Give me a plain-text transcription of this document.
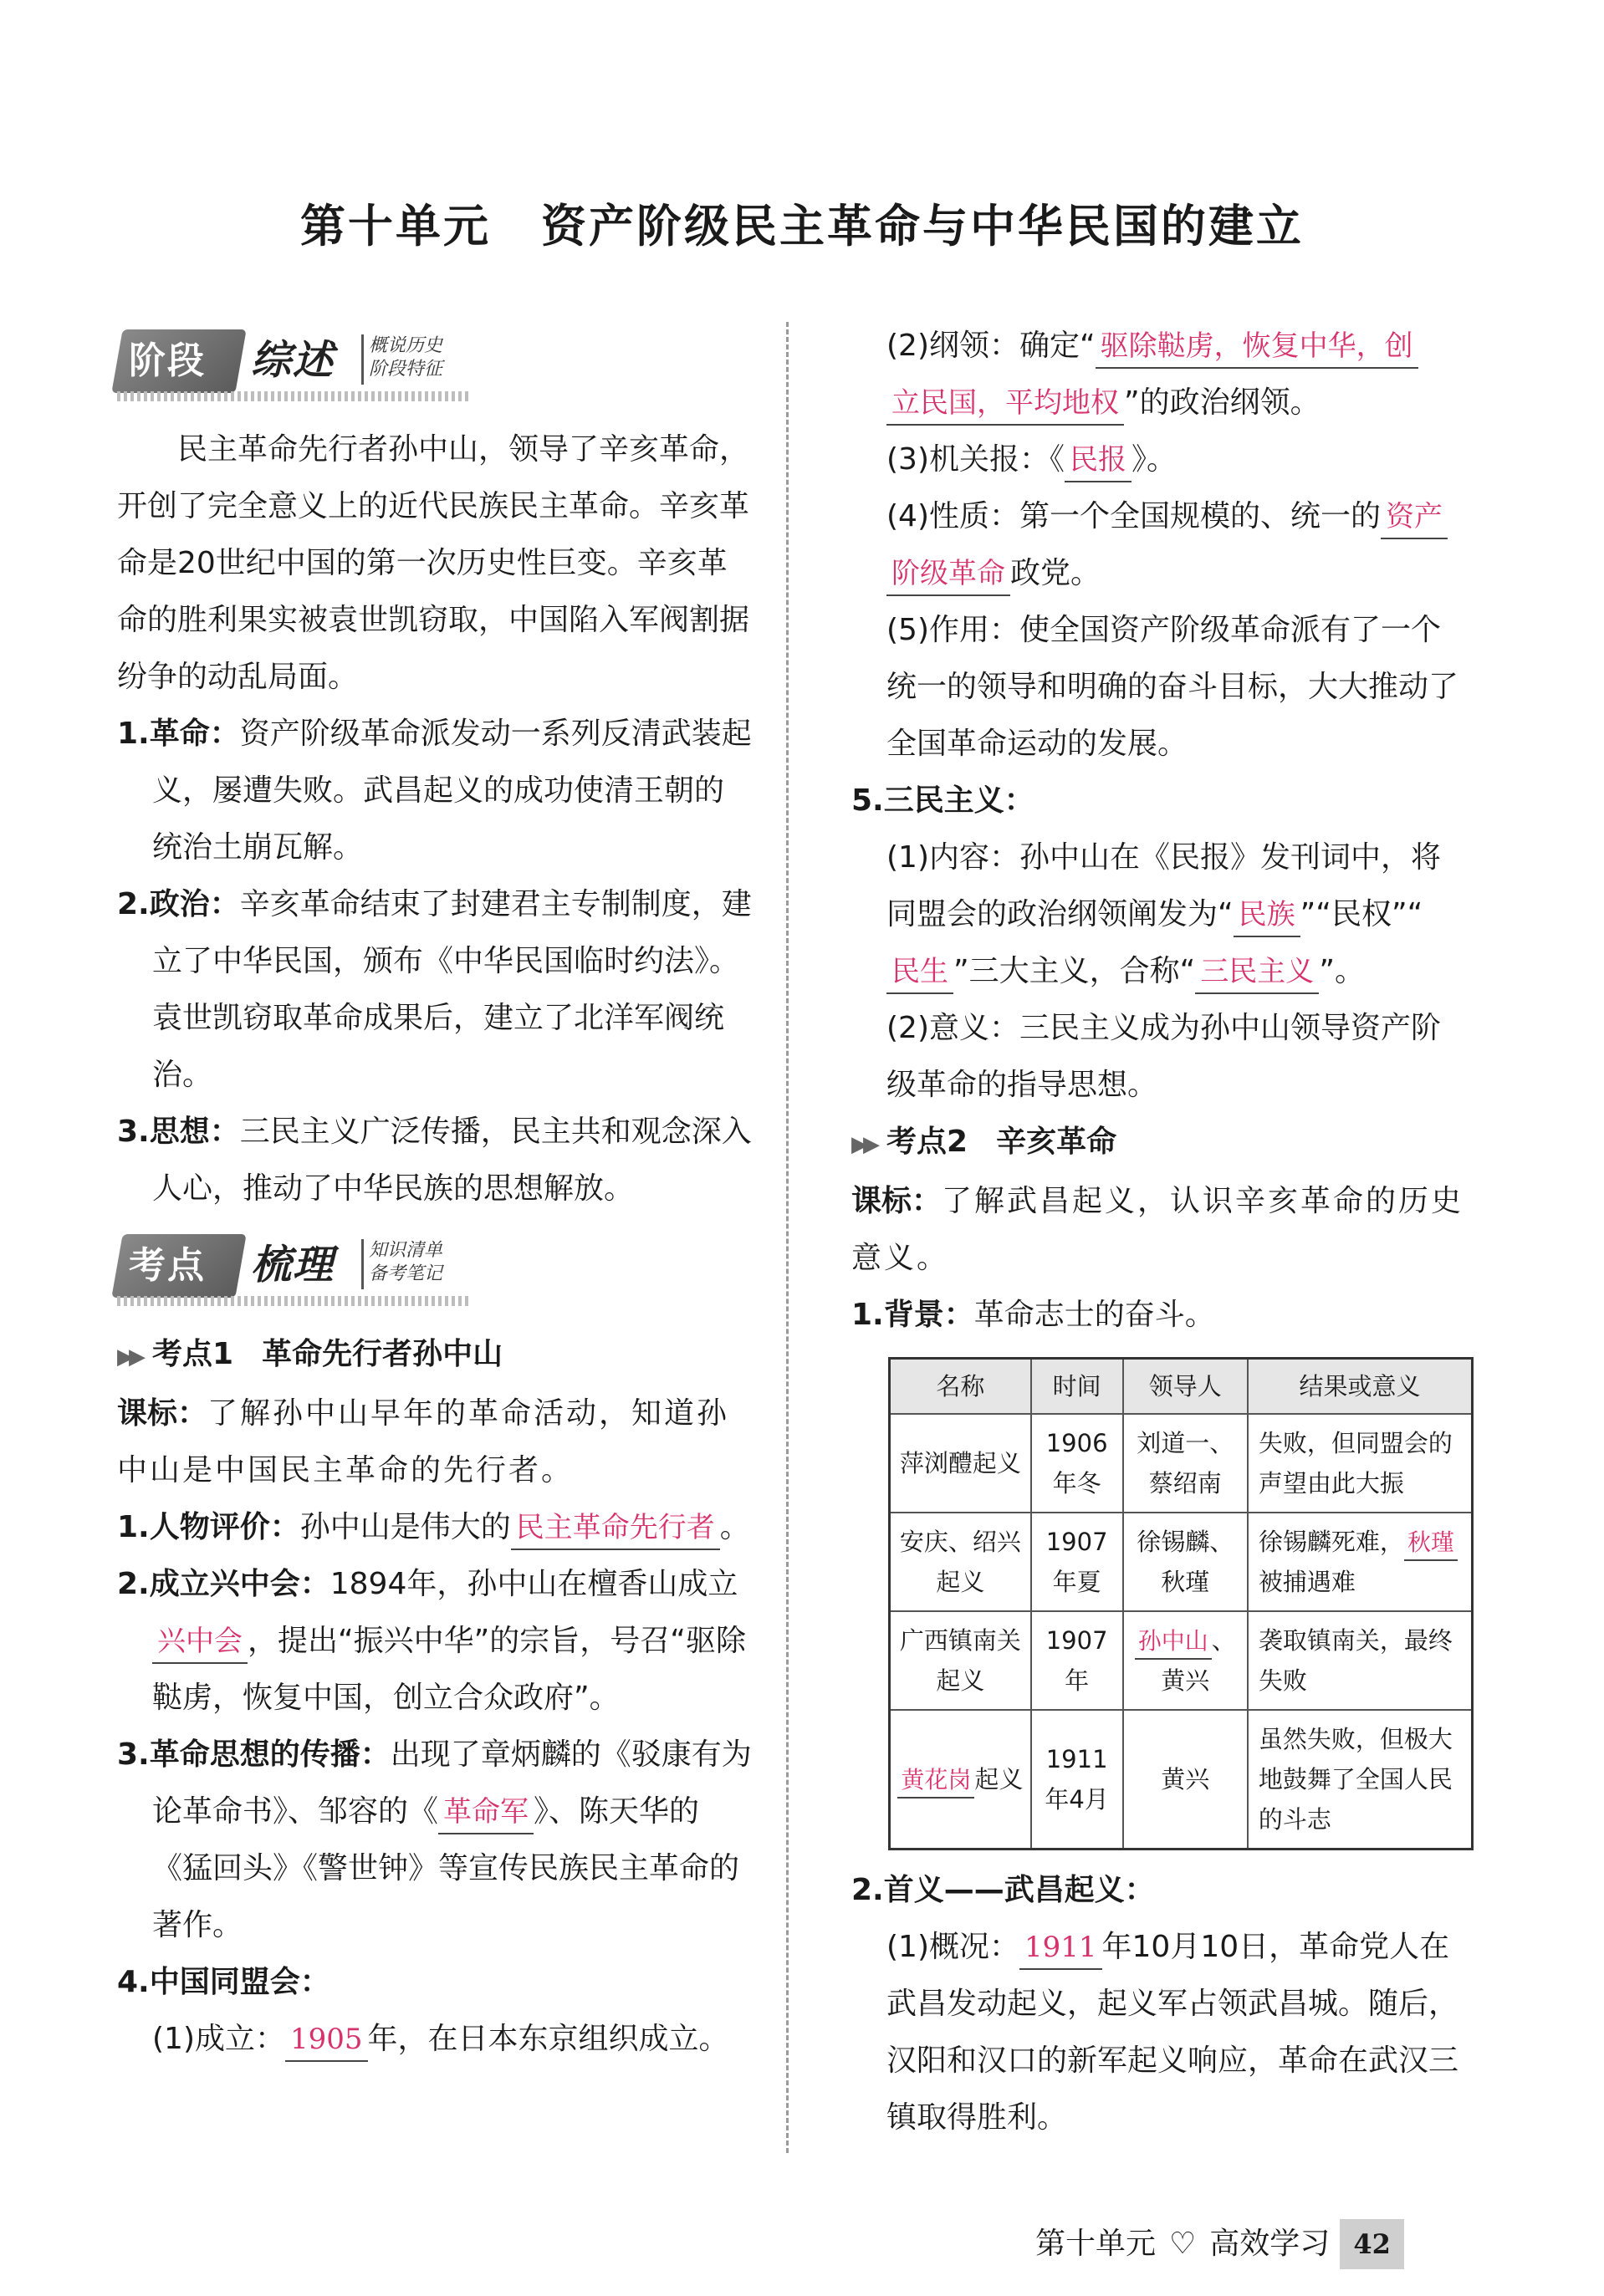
第十单元 资产阶级民主革命与中华民国的建立
阶段 综述 概说历史
阶段特征

民主革命先行者孙中山，领导了辛亥革命，开创了完全意义上的近代民族民主革命。辛亥革命是20世纪中国的第一次历史性巨变。辛亥革命的胜利果实被袁世凯窃取，中国陷入军阀割据纷争的动乱局面。

1.革命：资产阶级革命派发动一系列反清武装起义，屡遭失败。武昌起义的成功使清王朝的统治土崩瓦解。

2.政治：辛亥革命结束了封建君主专制制度，建立了中华民国，颁布《中华民国临时约法》。袁世凯窃取革命成果后，建立了北洋军阀统治。

3.思想：三民主义广泛传播，民主共和观念深入人心，推动了中华民族的思想解放。

考点 梳理 知识清单
备考笔记

▶▶ 考点1 革命先行者孙中山

课标：了解孙中山早年的革命活动，知道孙中山是中国民主革命的先行者。

1.人物评价：孙中山是伟大的 民主革命先行者 。

2.成立兴中会：1894年，孙中山在檀香山成立兴中会 ，提出“振兴中华”的宗旨，号召“驱除鞑虏，恢复中国，创立合众政府”。

3.革命思想的传播：出现了章炳麟的《驳康有为论革命书》、邹容的《 革命军 》、陈天华的《猛回头》《警世钟》等宣传民族民主革命的著作。

4.中国同盟会：

(1)成立： 1905 年，在日本东京组织成立。

(2)纲领：确定“ 驱除鞑虏，恢复中华，创立民国，平均地权 ”的政治纲领。

(3)机关报：《 民报 》。

(4)性质：第一个全国规模的、统一的 资产阶级革命 政党。

(5)作用：使全国资产阶级革命派有了一个统一的领导和明确的奋斗目标，大大推动了全国革命运动的发展。

5.三民主义：

(1)内容：孙中山在《民报》发刊词中，将同盟会的政治纲领阐发为“ 民族 ”“民权”“民生 ”三大主义，合称“ 三民主义 ”。

(2)意义：三民主义成为孙中山领导资产阶级革命的指导思想。

▶▶ 考点2 辛亥革命

课标：了解武昌起义，认识辛亥革命的历史意义。

1.背景：革命志士的奋斗。

名称	时间	领导人	结果或意义
萍浏醴起义	1906年冬	刘道一、蔡绍南	失败，但同盟会的声望由此大振
安庆、绍兴起义	1907年夏	徐锡麟、秋瑾	徐锡麟死难， 秋瑾被捕遇难
广西镇南关起义	1907年	孙中山 、黄兴	袭取镇南关，最终失败
黄花岗 起义	1911年4月	黄兴	虽然失败，但极大地鼓舞了全国人民的斗志

2.首义——武昌起义：

(1)概况： 1911 年10月10日，革命党人在武昌发动起义，起义军占领武昌城。随后，汉阳和汉口的新军起义响应，革命在武汉三镇取得胜利。

第十单元 ♡ 高效学习 42
